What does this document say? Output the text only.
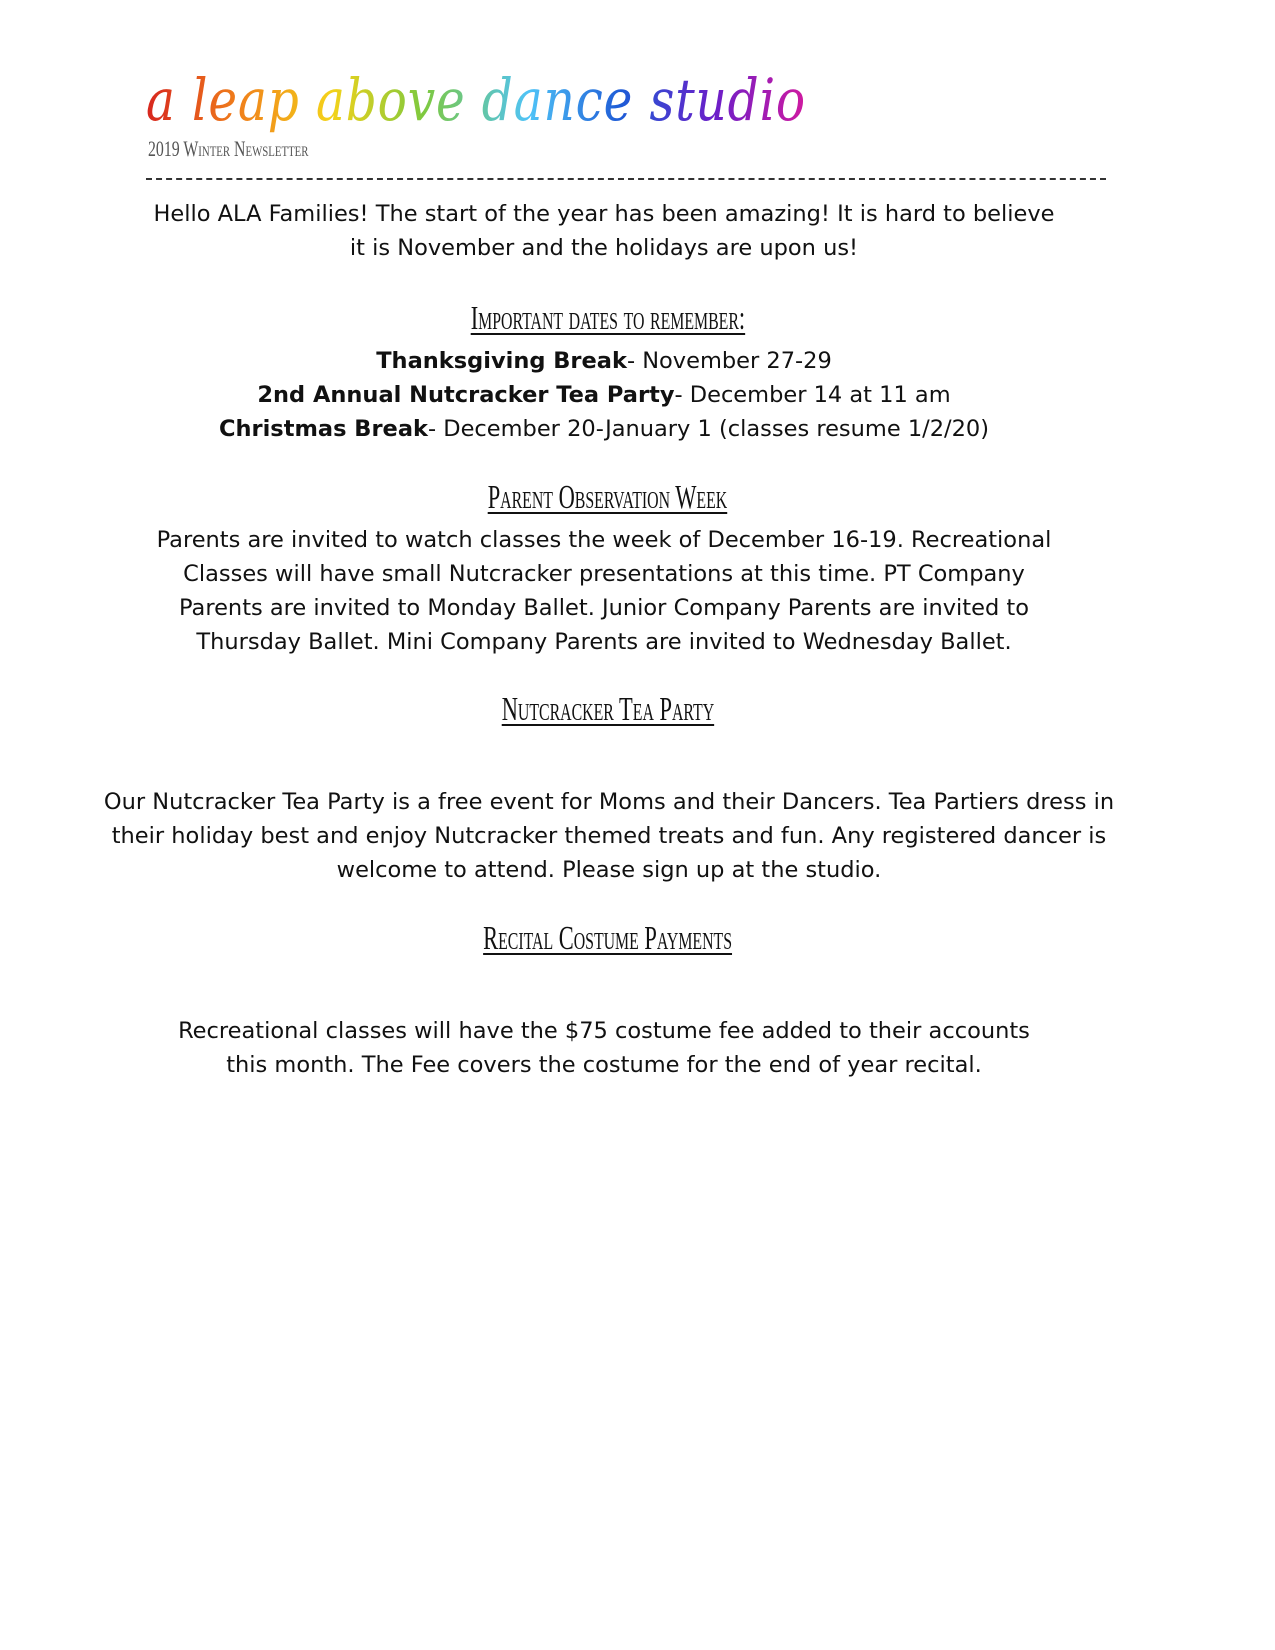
a leap above dance studio
2019 Winter Newsletter
Hello ALA Families! The start of the year has been amazing! It is hard to believe
it is November and the holidays are upon us!
Important dates to remember:
Thanksgiving Break- November 27-29
2nd Annual Nutcracker Tea Party- December 14 at 11 am
Christmas Break- December 20-January 1 (classes resume 1/2/20)
Parent Observation Week
Parents are invited to watch classes the week of December 16-19. Recreational
Classes will have small Nutcracker presentations at this time. PT Company
Parents are invited to Monday Ballet. Junior Company Parents are invited to
Thursday Ballet. Mini Company Parents are invited to Wednesday Ballet.
Nutcracker Tea Party
Our Nutcracker Tea Party is a free event for Moms and their Dancers. Tea Partiers dress in
their holiday best and enjoy Nutcracker themed treats and fun. Any registered dancer is
welcome to attend. Please sign up at the studio.
Recital Costume Payments
Recreational classes will have the $75 costume fee added to their accounts
this month. The Fee covers the costume for the end of year recital.
